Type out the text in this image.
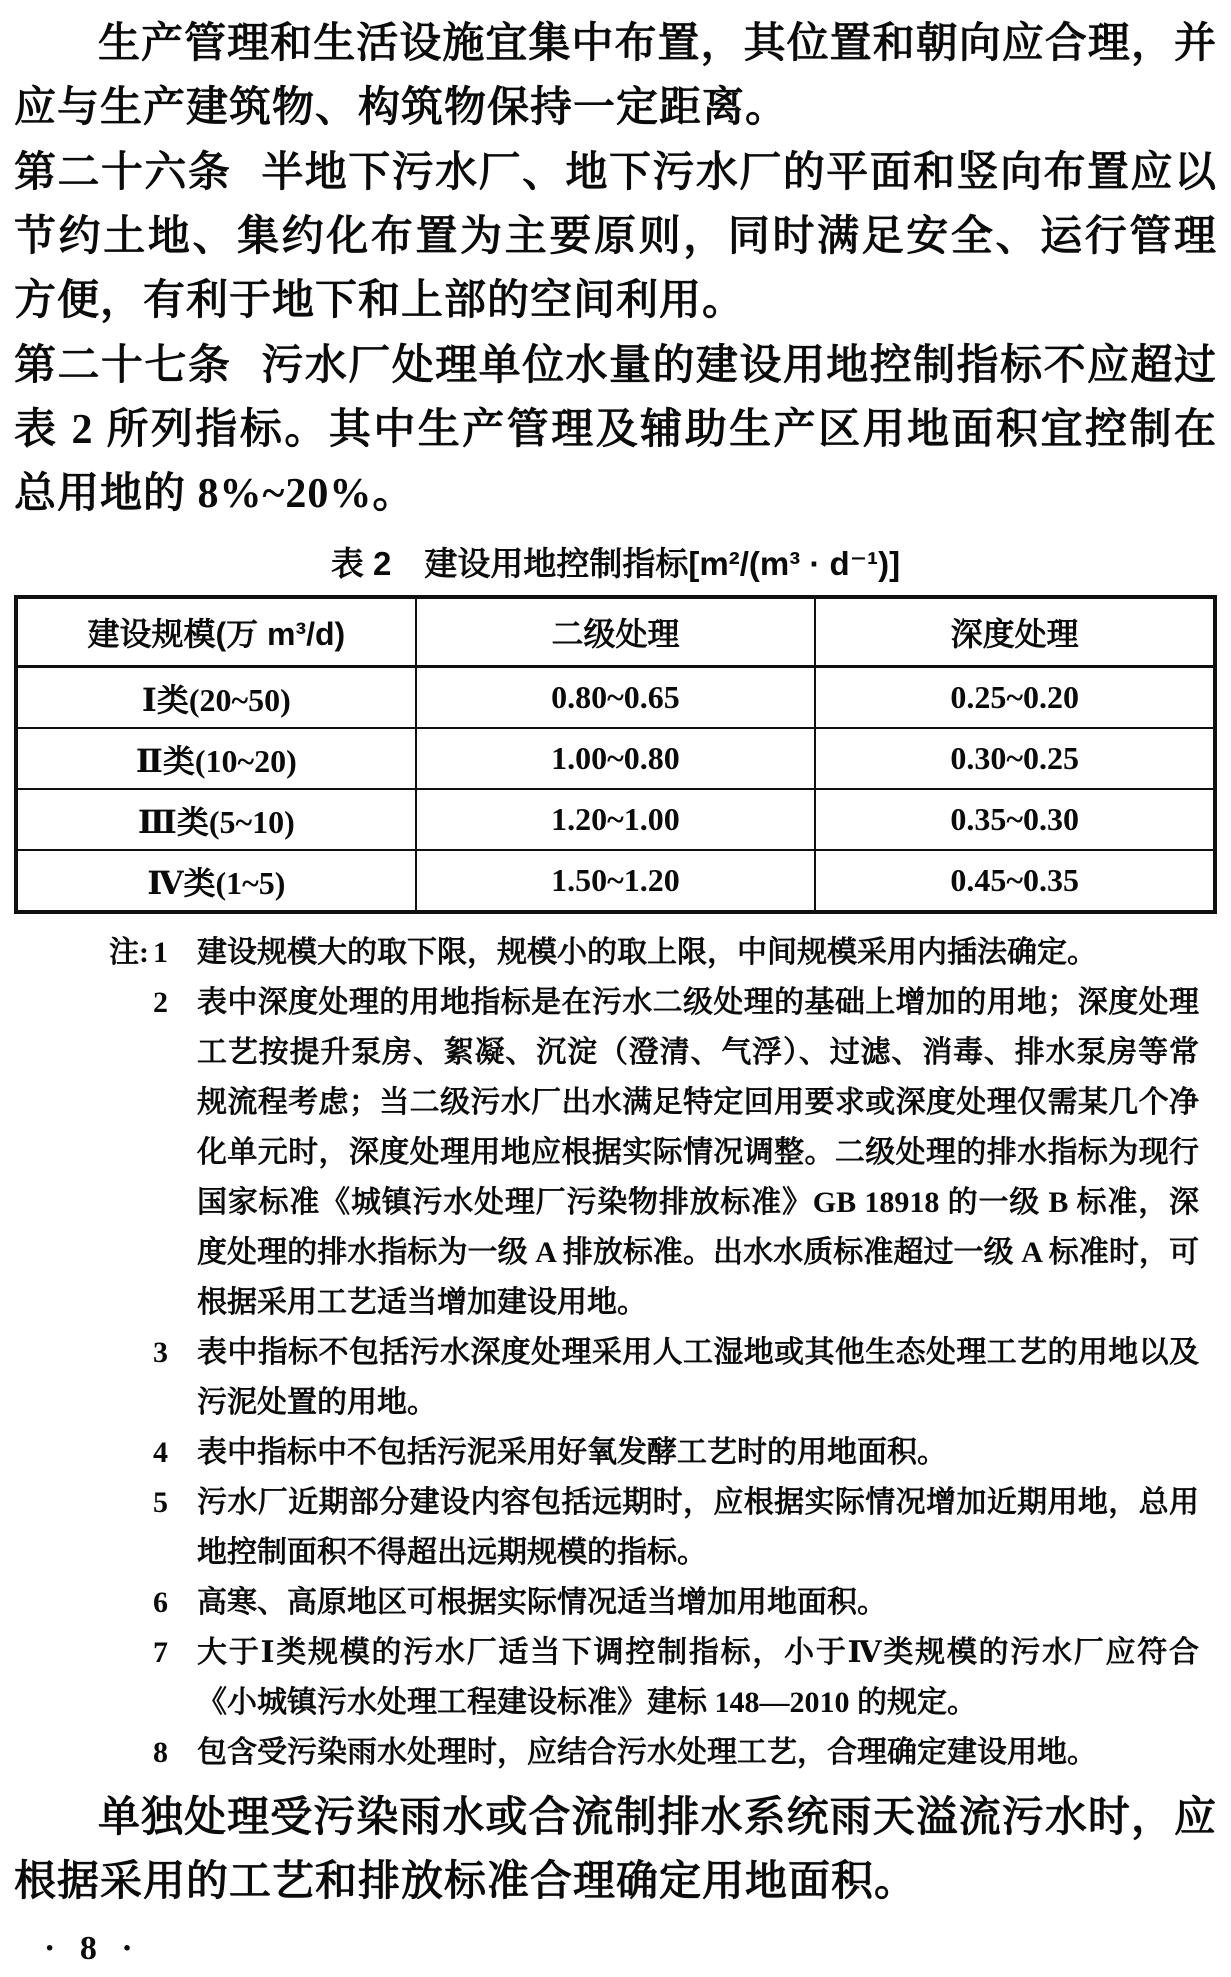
生产管理和生活设施宜集中布置，其位置和朝向应合理，并应与生产建筑物、构筑物保持一定距离。

第二十六条 半地下污水厂、地下污水厂的平面和竖向布置应以节约土地、集约化布置为主要原则，同时满足安全、运行管理方便，有利于地下和上部的空间利用。

第二十七条 污水厂处理单位水量的建设用地控制指标不应超过表 2 所列指标。其中生产管理及辅助生产区用地面积宜控制在总用地的 8%~20%。

表 2　建设用地控制指标[m²/(m³ · d⁻¹)]
建设规模(万 m³/d)	二级处理	深度处理
Ⅰ类(20~50)	0.80~0.65	0.25~0.20
Ⅱ类(10~20)	1.00~0.80	0.30~0.25
Ⅲ类(5~10)	1.20~1.00	0.35~0.30
Ⅳ类(1~5)	1.50~1.20	0.45~0.35
注: 1 建设规模大的取下限，规模小的取上限，中间规模采用内插法确定。
2 表中深度处理的用地指标是在污水二级处理的基础上增加的用地；深度处理工艺按提升泵房、絮凝、沉淀（澄清、气浮）、过滤、消毒、排水泵房等常规流程考虑；当二级污水厂出水满足特定回用要求或深度处理仅需某几个净化单元时，深度处理用地应根据实际情况调整。二级处理的排水指标为现行国家标准《城镇污水处理厂污染物排放标准》GB 18918 的一级 B 标准，深度处理的排水指标为一级 A 排放标准。出水水质标准超过一级 A 标准时，可根据采用工艺适当增加建设用地。
3 表中指标不包括污水深度处理采用人工湿地或其他生态处理工艺的用地以及污泥处置的用地。
4 表中指标中不包括污泥采用好氧发酵工艺时的用地面积。
5 污水厂近期部分建设内容包括远期时，应根据实际情况增加近期用地，总用地控制面积不得超出远期规模的指标。
6 高寒、高原地区可根据实际情况适当增加用地面积。
7 大于Ⅰ类规模的污水厂适当下调控制指标，小于Ⅳ类规模的污水厂应符合《小城镇污水处理工程建设标准》建标 148—2010 的规定。
8 包含受污染雨水处理时，应结合污水处理工艺，合理确定建设用地。

单独处理受污染雨水或合流制排水系统雨天溢流污水时，应根据采用的工艺和排放标准合理确定用地面积。

· 8 ·
